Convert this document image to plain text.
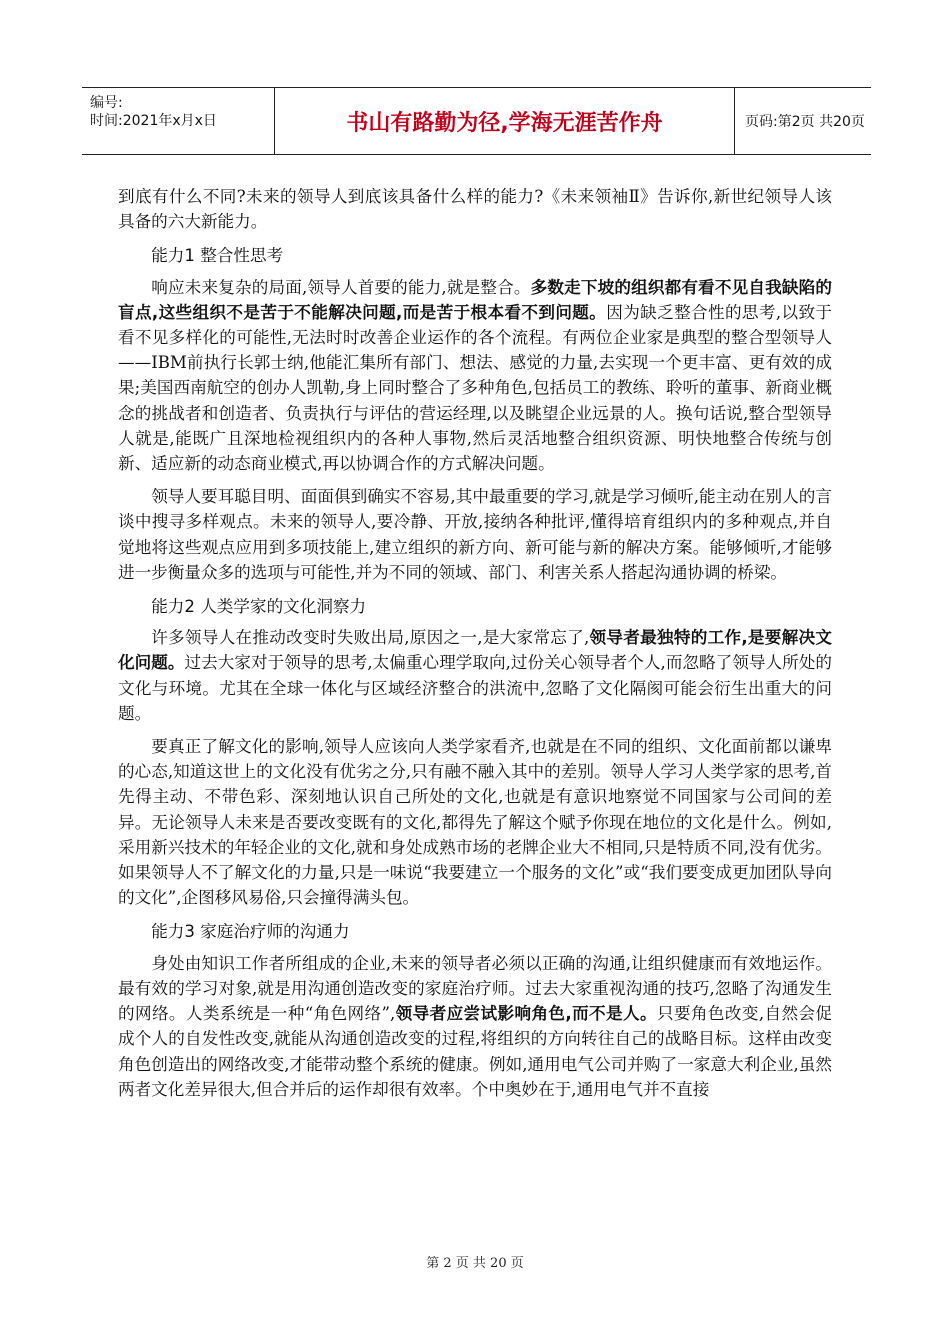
编号:
时间:2021年x月x日	书山有路勤为径,学海无涯苦作舟	页码:第2页 共20页

到底有什么不同?未来的领导人到底该具备什么样的能力?《未来领袖Ⅱ》告诉你,新世纪领导人该具备的六大新能力。

能力1 整合性思考

响应未来复杂的局面,领导人首要的能力,就是整合。多数走下坡的组织都有看不见自我缺陷的盲点,这些组织不是苦于不能解决问题,而是苦于根本看不到问题。因为缺乏整合性的思考,以致于看不见多样化的可能性,无法时时改善企业运作的各个流程。有两位企业家是典型的整合型领导人——IBM前执行长郭士纳,他能汇集所有部门、想法、感觉的力量,去实现一个更丰富、更有效的成果;美国西南航空的创办人凯勒,身上同时整合了多种角色,包括员工的教练、聆听的董事、新商业概念的挑战者和创造者、负责执行与评估的营运经理,以及眺望企业远景的人。换句话说,整合型领导人就是,能既广且深地检视组织内的各种人事物,然后灵活地整合组织资源、明快地整合传统与创新、适应新的动态商业模式,再以协调合作的方式解决问题。

领导人要耳聪目明、面面俱到确实不容易,其中最重要的学习,就是学习倾听,能主动在别人的言谈中搜寻多样观点。未来的领导人,要冷静、开放,接纳各种批评,懂得培育组织内的多种观点,并自觉地将这些观点应用到多项技能上,建立组织的新方向、新可能与新的解决方案。能够倾听,才能够进一步衡量众多的选项与可能性,并为不同的领域、部门、利害关系人搭起沟通协调的桥梁。

能力2 人类学家的文化洞察力

许多领导人在推动改变时失败出局,原因之一,是大家常忘了,领导者最独特的工作,是要解决文化问题。过去大家对于领导的思考,太偏重心理学取向,过份关心领导者个人,而忽略了领导人所处的文化与环境。尤其在全球一体化与区域经济整合的洪流中,忽略了文化隔阂可能会衍生出重大的问题。

要真正了解文化的影响,领导人应该向人类学家看齐,也就是在不同的组织、文化面前都以谦卑的心态,知道这世上的文化没有优劣之分,只有融不融入其中的差别。领导人学习人类学家的思考,首先得主动、不带色彩、深刻地认识自己所处的文化,也就是有意识地察觉不同国家与公司间的差异。无论领导人未来是否要改变既有的文化,都得先了解这个赋予你现在地位的文化是什么。例如,采用新兴技术的年轻企业的文化,就和身处成熟市场的老牌企业大不相同,只是特质不同,没有优劣。如果领导人不了解文化的力量,只是一味说“我要建立一个服务的文化”或“我们要变成更加团队导向的文化”,企图移风易俗,只会撞得满头包。

能力3 家庭治疗师的沟通力

身处由知识工作者所组成的企业,未来的领导者必须以正确的沟通,让组织健康而有效地运作。最有效的学习对象,就是用沟通创造改变的家庭治疗师。过去大家重视沟通的技巧,忽略了沟通发生的网络。人类系统是一种“角色网络”,领导者应尝试影响角色,而不是人。只要角色改变,自然会促成个人的自发性改变,就能从沟通创造改变的过程,将组织的方向转往自己的战略目标。这样由改变角色创造出的网络改变,才能带动整个系统的健康。例如,通用电气公司并购了一家意大利企业,虽然两者文化差异很大,但合并后的运作却很有效率。个中奥妙在于,通用电气并不直接

第 2 页 共 20 页
